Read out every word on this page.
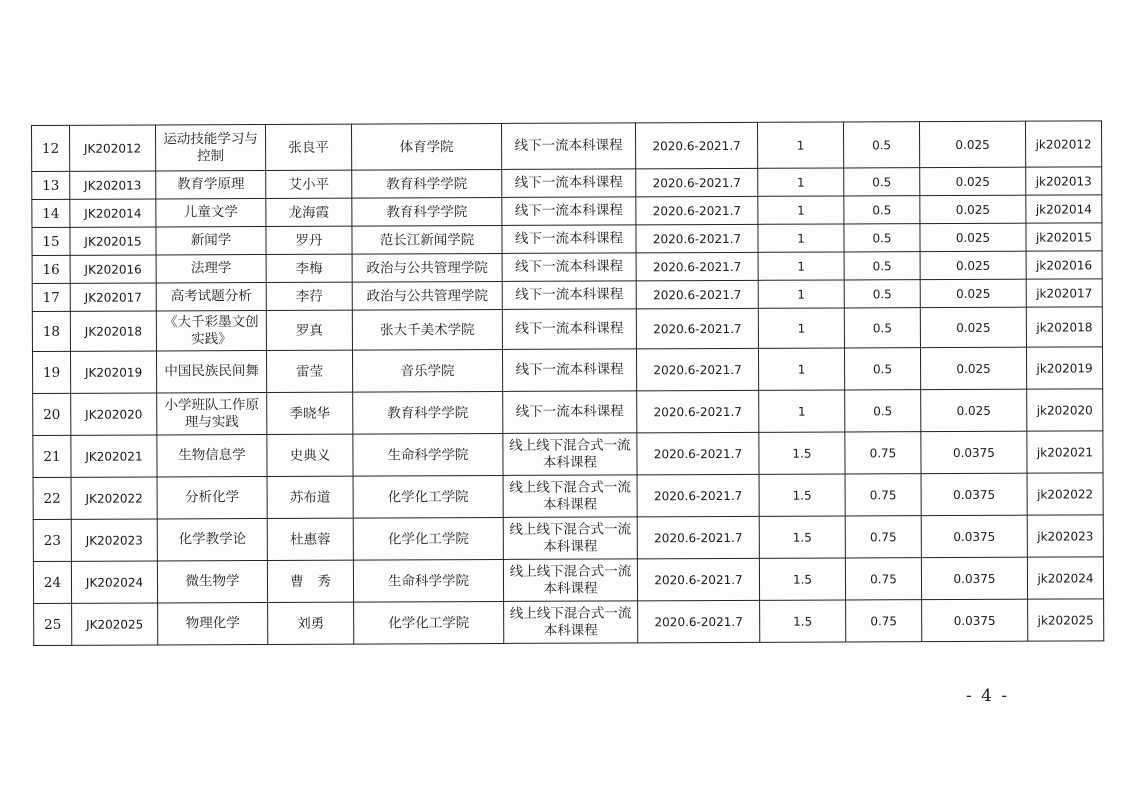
12	JK202012	运动技能学习与控制	张良平	体育学院	线下一流本科课程	2020.6-2021.7	1	0.5	0.025	jk202012
13	JK202013	教育学原理	艾小平	教育科学学院	线下一流本科课程	2020.6-2021.7	1	0.5	0.025	jk202013
14	JK202014	儿童文学	龙海霞	教育科学学院	线下一流本科课程	2020.6-2021.7	1	0.5	0.025	jk202014
15	JK202015	新闻学	罗丹	范长江新闻学院	线下一流本科课程	2020.6-2021.7	1	0.5	0.025	jk202015
16	JK202016	法理学	李梅	政治与公共管理学院	线下一流本科课程	2020.6-2021.7	1	0.5	0.025	jk202016
17	JK202017	高考试题分析	李荇	政治与公共管理学院	线下一流本科课程	2020.6-2021.7	1	0.5	0.025	jk202017
18	JK202018	《大千彩墨文创实践》	罗真	张大千美术学院	线下一流本科课程	2020.6-2021.7	1	0.5	0.025	jk202018
19	JK202019	中国民族民间舞	雷莹	音乐学院	线下一流本科课程	2020.6-2021.7	1	0.5	0.025	jk202019
20	JK202020	小学班队工作原理与实践	季晓华	教育科学学院	线下一流本科课程	2020.6-2021.7	1	0.5	0.025	jk202020
21	JK202021	生物信息学	史典义	生命科学学院	线上线下混合式一流本科课程	2020.6-2021.7	1.5	0.75	0.0375	jk202021
22	JK202022	分析化学	苏布道	化学化工学院	线上线下混合式一流本科课程	2020.6-2021.7	1.5	0.75	0.0375	jk202022
23	JK202023	化学教学论	杜惠蓉	化学化工学院	线上线下混合式一流本科课程	2020.6-2021.7	1.5	0.75	0.0375	jk202023
24	JK202024	微生物学	曹　秀	生命科学学院	线上线下混合式一流本科课程	2020.6-2021.7	1.5	0.75	0.0375	jk202024
25	JK202025	物理化学	刘勇	化学化工学院	线上线下混合式一流本科课程	2020.6-2021.7	1.5	0.75	0.0375	jk202025
- 4 -
